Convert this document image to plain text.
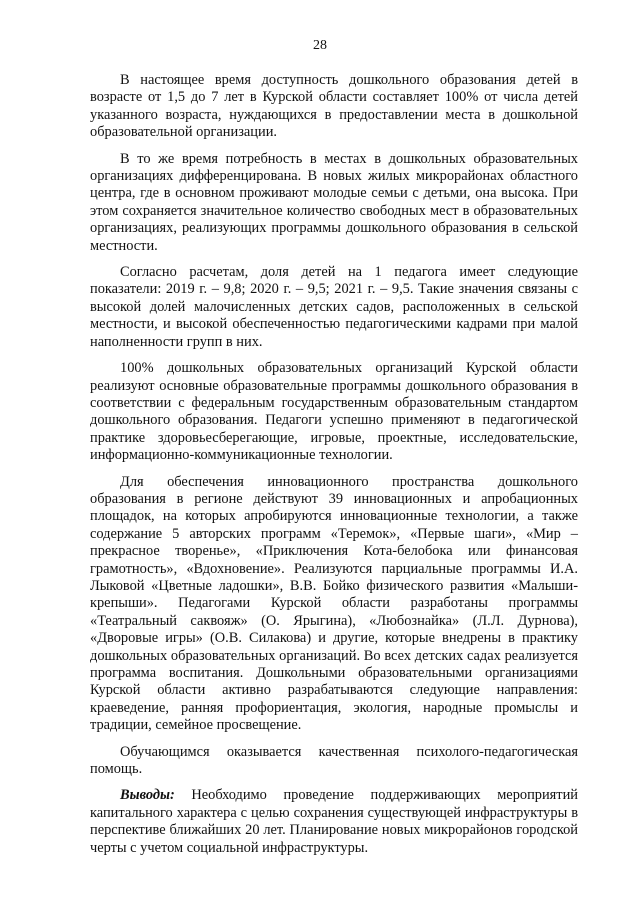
28

В настоящее время доступность дошкольного образования детей в возрасте от 1,5 до 7 лет в Курской области составляет 100% от числа детей указанного возраста, нуждающихся в предоставлении места в дошкольной образовательной организации.

В то же время потребность в местах в дошкольных образовательных организациях дифференцирована. В новых жилых микрорайонах областного центра, где в основном проживают молодые семьи с детьми, она высока. При этом сохраняется значительное количество свободных мест в образовательных организациях, реализующих программы дошкольного образования в сельской местности.

Согласно расчетам, доля детей на 1 педагога имеет следующие показатели: 2019 г. – 9,8; 2020 г. – 9,5; 2021 г. – 9,5. Такие значения связаны с высокой долей малочисленных детских садов, расположенных в сельской местности, и высокой обеспеченностью педагогическими кадрами при малой наполненности групп в них.

100% дошкольных образовательных организаций Курской области реализуют основные образовательные программы дошкольного образования в соответствии с федеральным государственным образовательным стандартом дошкольного образования. Педагоги успешно применяют в педагогической практике здоровьесберегающие, игровые, проектные, исследовательские, информационно-коммуникационные технологии.

Для обеспечения инновационного пространства дошкольного образования в регионе действуют 39 инновационных и апробационных площадок, на которых апробируются инновационные технологии, а также содержание 5 авторских программ «Теремок», «Первые шаги», «Мир – прекрасное творенье», «Приключения Кота-белобока или финансовая грамотность», «Вдохновение». Реализуются парциальные программы И.А. Лыковой «Цветные ладошки», В.В. Бойко физического развития «Малыши-крепыши». Педагогами Курской области разработаны программы «Театральный саквояж» (О. Ярыгина), «Любознайка» (Л.Л. Дурнова), «Дворовые игры» (О.В. Силакова) и другие, которые внедрены в практику дошкольных образовательных организаций. Во всех детских садах реализуется программа воспитания. Дошкольными образовательными организациями Курской области активно разрабатываются следующие направления: краеведение, ранняя профориентация, экология, народные промыслы и традиции, семейное просвещение.

Обучающимся оказывается качественная психолого-педагогическая помощь.

Выводы: Необходимо проведение поддерживающих мероприятий капитального характера с целью сохранения существующей инфраструктуры в перспективе ближайших 20 лет. Планирование новых микрорайонов городской черты с учетом социальной инфраструктуры.
